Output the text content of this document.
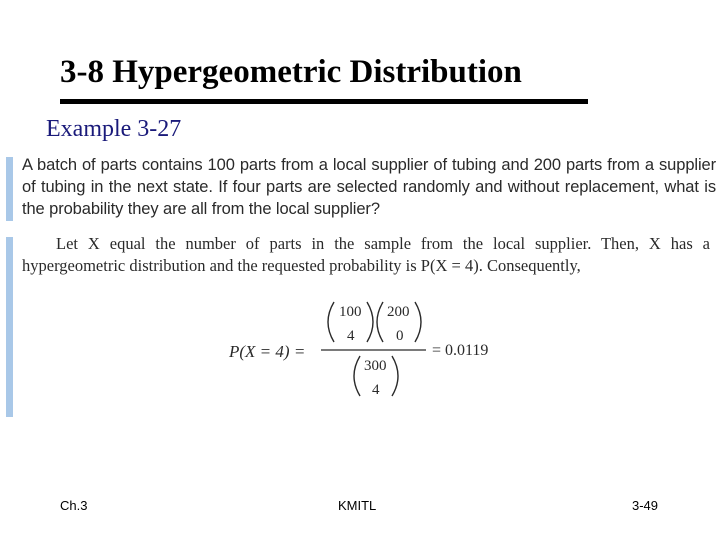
3-8 Hypergeometric Distribution
Example 3-27
A batch of parts contains 100 parts from a local supplier of tubing and 200 parts from a supplier of tubing in the next state. If four parts are selected randomly and without replacement, what is the probability they are all from the local supplier?
Let X equal the number of parts in the sample from the local supplier. Then, X has a hypergeometric distribution and the requested probability is P(X = 4). Consequently,
P(X = 4) =
100
4
200
0
300
4
= 0.0119
Ch.3	KMITL	3-49
